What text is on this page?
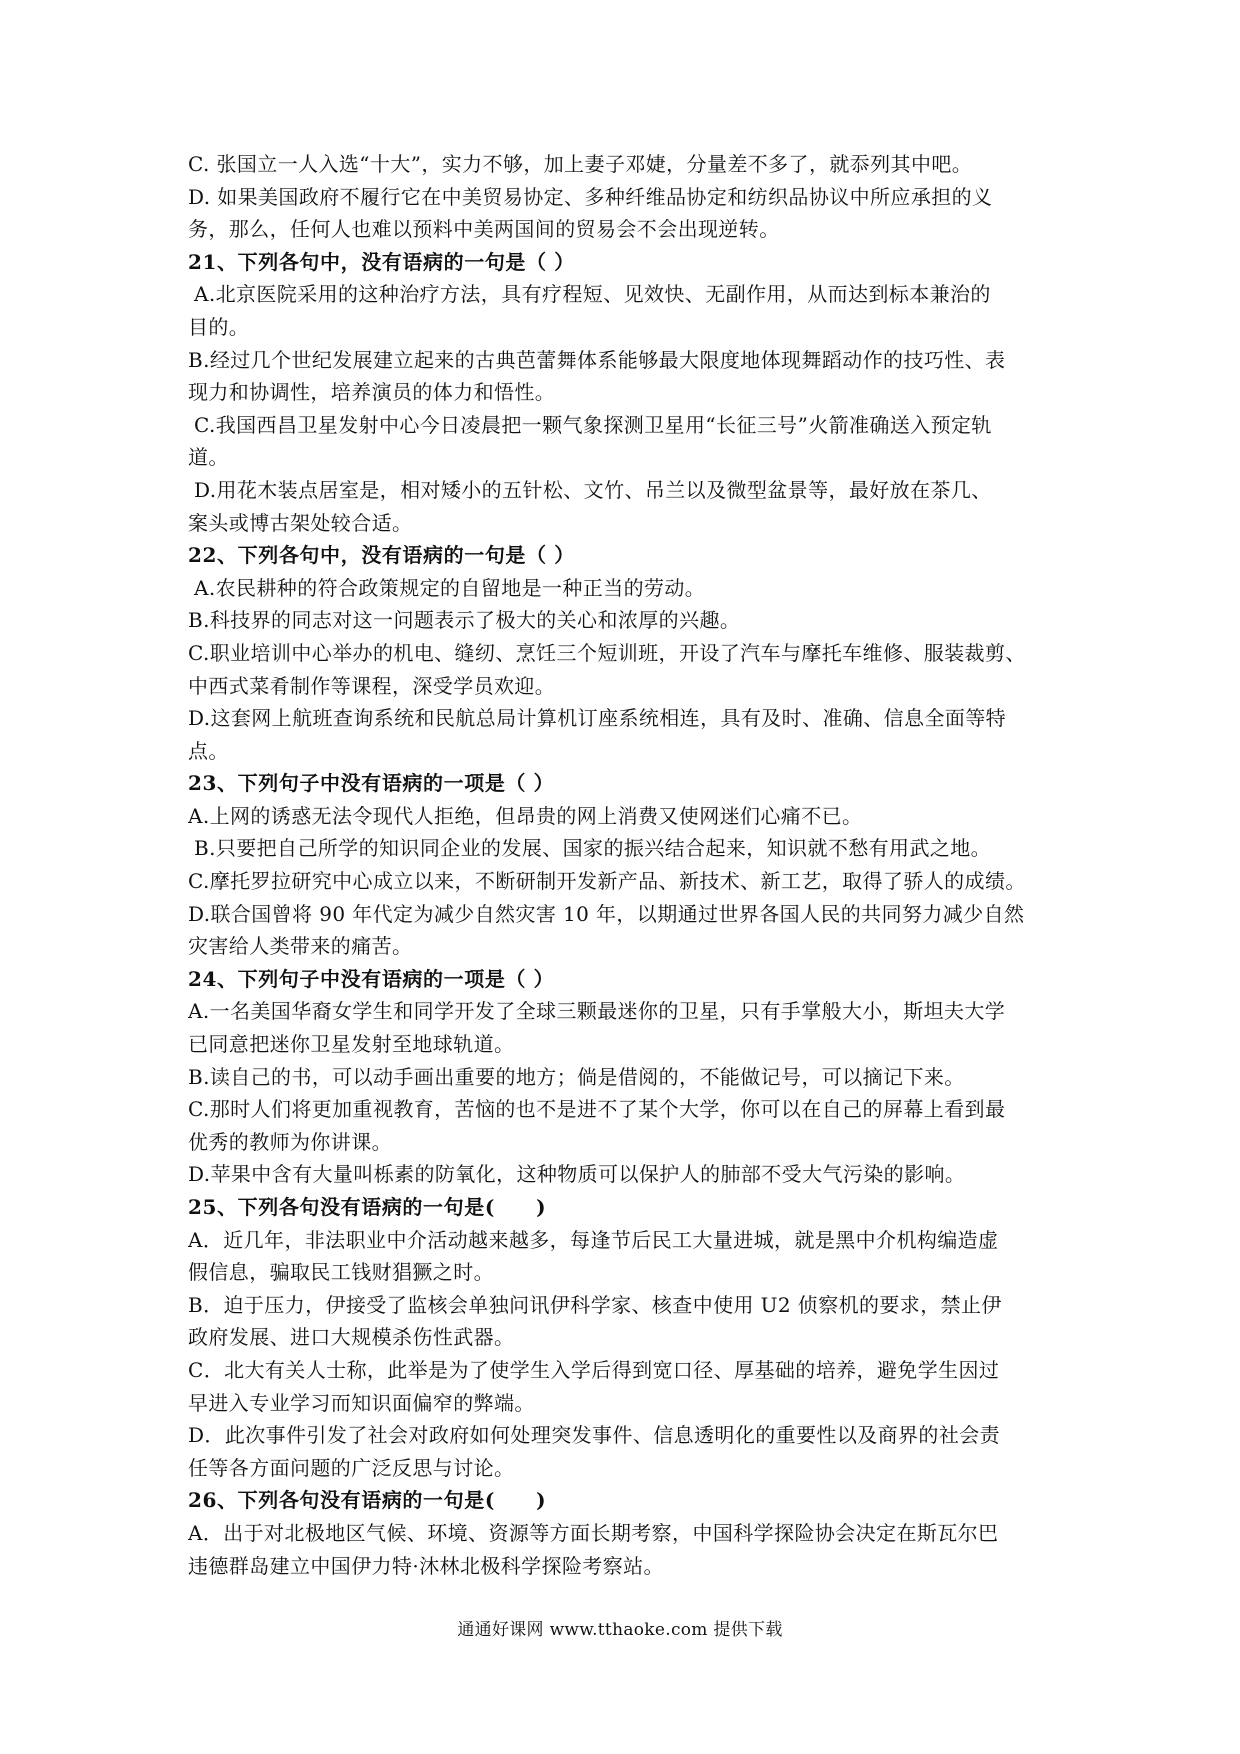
C. 张国立一人入选“十大”，实力不够，加上妻子邓婕，分量差不多了，就忝列其中吧。
D. 如果美国政府不履行它在中美贸易协定、多种纤维品协定和纺织品协议中所应承担的义
务，那么，任何人也难以预料中美两国间的贸易会不会出现逆转。
21、下列各句中，没有语病的一句是（ ）
A.北京医院采用的这种治疗方法，具有疗程短、见效快、无副作用，从而达到标本兼治的
目的。
B.经过几个世纪发展建立起来的古典芭蕾舞体系能够最大限度地体现舞蹈动作的技巧性、表
现力和协调性，培养演员的体力和悟性。
C.我国西昌卫星发射中心今日凌晨把一颗气象探测卫星用“长征三号”火箭准确送入预定轨
道。
D.用花木装点居室是，相对矮小的五针松、文竹、吊兰以及微型盆景等，最好放在茶几、
案头或博古架处较合适。
22、下列各句中，没有语病的一句是（ ）
A.农民耕种的符合政策规定的自留地是一种正当的劳动。
B.科技界的同志对这一问题表示了极大的关心和浓厚的兴趣。
C.职业培训中心举办的机电、缝纫、烹饪三个短训班，开设了汽车与摩托车维修、服装裁剪、
中西式菜肴制作等课程，深受学员欢迎。
D.这套网上航班查询系统和民航总局计算机订座系统相连，具有及时、准确、信息全面等特
点。
23、下列句子中没有语病的一项是（ ）
A.上网的诱惑无法令现代人拒绝，但昂贵的网上消费又使网迷们心痛不已。
B.只要把自己所学的知识同企业的发展、国家的振兴结合起来，知识就不愁有用武之地。
C.摩托罗拉研究中心成立以来，不断研制开发新产品、新技术、新工艺，取得了骄人的成绩。
D.联合国曾将 90 年代定为减少自然灾害 10 年，以期通过世界各国人民的共同努力减少自然
灾害给人类带来的痛苦。
24、下列句子中没有语病的一项是（ ）
A.一名美国华裔女学生和同学开发了全球三颗最迷你的卫星，只有手掌般大小，斯坦夫大学
已同意把迷你卫星发射至地球轨道。
B.读自己的书，可以动手画出重要的地方；倘是借阅的，不能做记号，可以摘记下来。
C.那时人们将更加重视教育，苦恼的也不是进不了某个大学，你可以在自己的屏幕上看到最
优秀的教师为你讲课。
D.苹果中含有大量叫栎素的防氧化，这种物质可以保护人的肺部不受大气污染的影响。
25、下列各句没有语病的一句是(　　)
A．近几年，非法职业中介活动越来越多，每逢节后民工大量进城，就是黑中介机构编造虚
假信息，骗取民工钱财猖獗之时。
B．迫于压力，伊接受了监核会单独问讯伊科学家、核查中使用 U2 侦察机的要求，禁止伊
政府发展、进口大规模杀伤性武器。
C．北大有关人士称，此举是为了使学生入学后得到宽口径、厚基础的培养，避免学生因过
早进入专业学习而知识面偏窄的弊端。
D．此次事件引发了社会对政府如何处理突发事件、信息透明化的重要性以及商界的社会责
任等各方面问题的广泛反思与讨论。
26、下列各句没有语病的一句是(　　)
A．出于对北极地区气候、环境、资源等方面长期考察，中国科学探险协会决定在斯瓦尔巴
违德群岛建立中国伊力特·沐林北极科学探险考察站。
通通好课网 www.tthaoke.com 提供下载
